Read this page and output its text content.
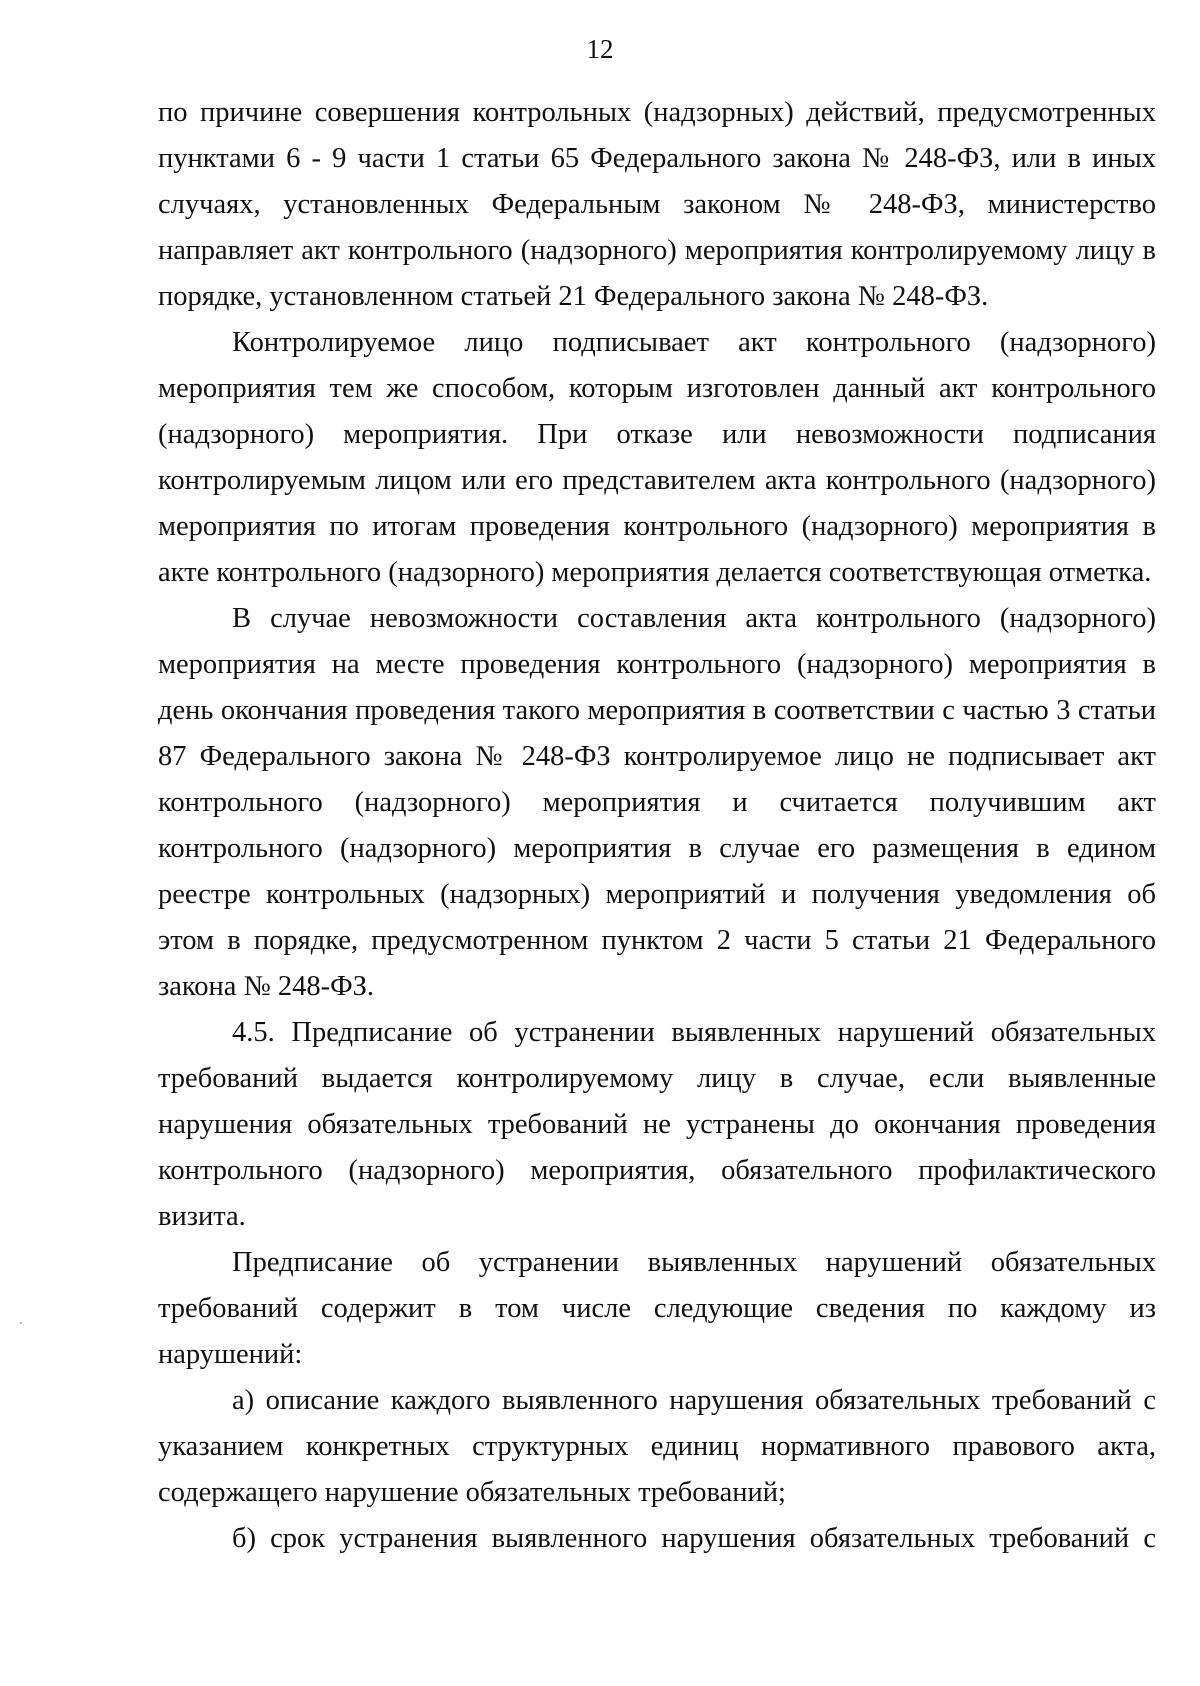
12

по причине совершения контрольных (надзорных) действий, предусмотренных пунктами 6 - 9 части 1 статьи 65 Федерального закона № 248-ФЗ, или в иных случаях, установленных Федеральным законом № 248-ФЗ, министерство направляет акт контрольного (надзорного) мероприятия контролируемому лицу в порядке, установленном статьей 21 Федерального закона № 248-ФЗ.

Контролируемое лицо подписывает акт контрольного (надзорного) мероприятия тем же способом, которым изготовлен данный акт контрольного (надзорного) мероприятия. При отказе или невозможности подписания контролируемым лицом или его представителем акта контрольного (надзорного) мероприятия по итогам проведения контрольного (надзорного) мероприятия в акте контрольного (надзорного) мероприятия делается соответствующая отметка.

В случае невозможности составления акта контрольного (надзорного) мероприятия на месте проведения контрольного (надзорного) мероприятия в день окончания проведения такого мероприятия в соответствии с частью 3 статьи 87 Федерального закона № 248-ФЗ контролируемое лицо не подписывает акт контрольного (надзорного) мероприятия и считается получившим акт контрольного (надзорного) мероприятия в случае его размещения в едином реестре контрольных (надзорных) мероприятий и получения уведомления об этом в порядке, предусмотренном пунктом 2 части 5 статьи 21 Федерального закона № 248-ФЗ.

4.5. Предписание об устранении выявленных нарушений обязательных требований выдается контролируемому лицу в случае, если выявленные нарушения обязательных требований не устранены до окончания проведения контрольного (надзорного) мероприятия, обязательного профилактического визита.

Предписание об устранении выявленных нарушений обязательных требований содержит в том числе следующие сведения по каждому из нарушений:

а) описание каждого выявленного нарушения обязательных требований с указанием конкретных структурных единиц нормативного правового акта, содержащего нарушение обязательных требований;

б) срок устранения выявленного нарушения обязательных требований с
